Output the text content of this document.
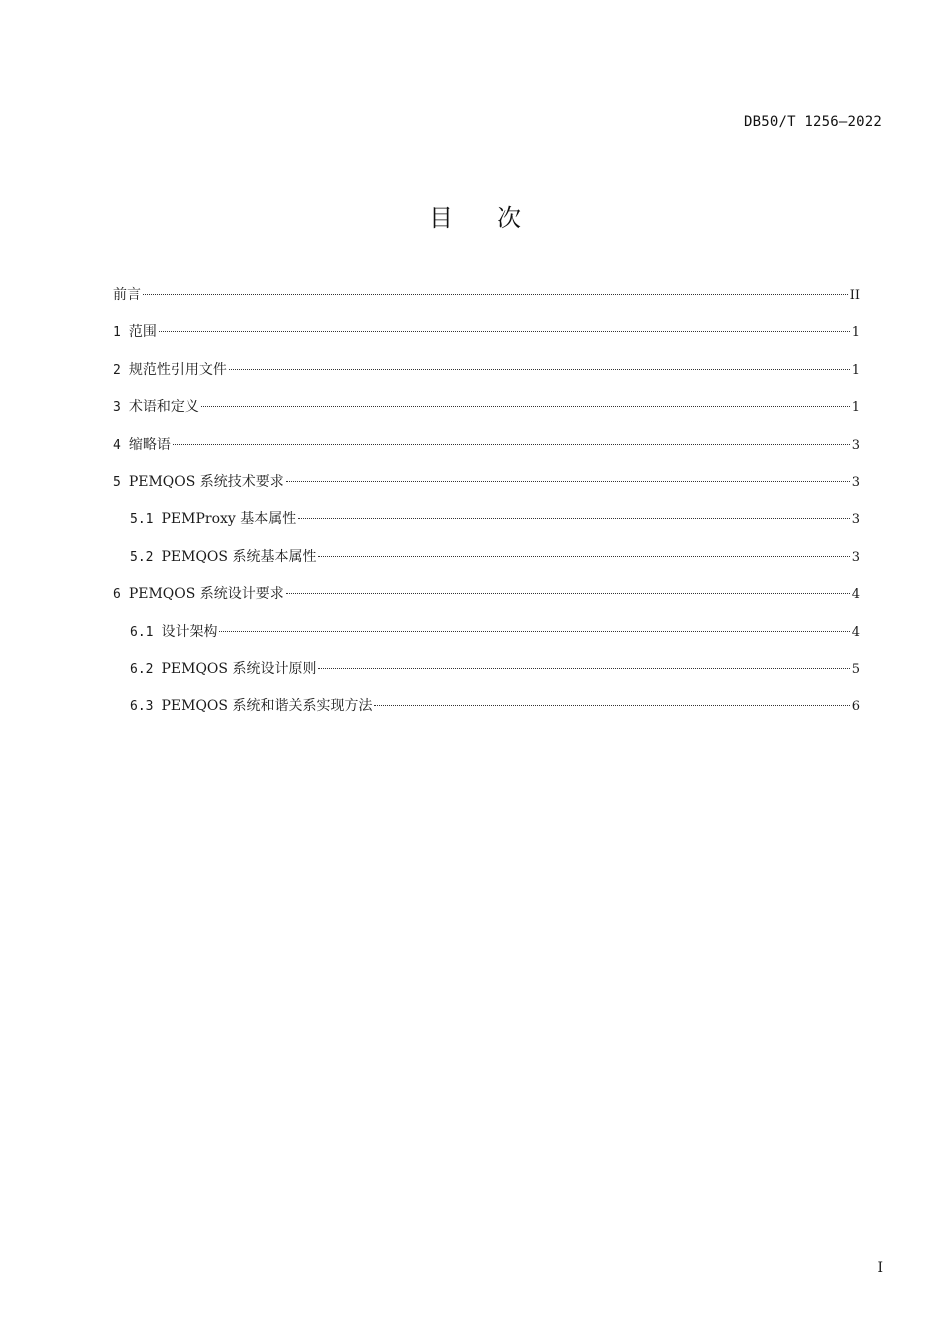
DB50/T 1256—2022
目次
前言	II
1 范围	1
2 规范性引用文件	1
3 术语和定义	1
4 缩略语	3
5 PEMQOS 系统技术要求	3
5.1 PEMProxy 基本属性	3
5.2 PEMQOS 系统基本属性	3
6 PEMQOS 系统设计要求	4
6.1 设计架构	4
6.2 PEMQOS 系统设计原则	5
6.3 PEMQOS 系统和谐关系实现方法	6
I
